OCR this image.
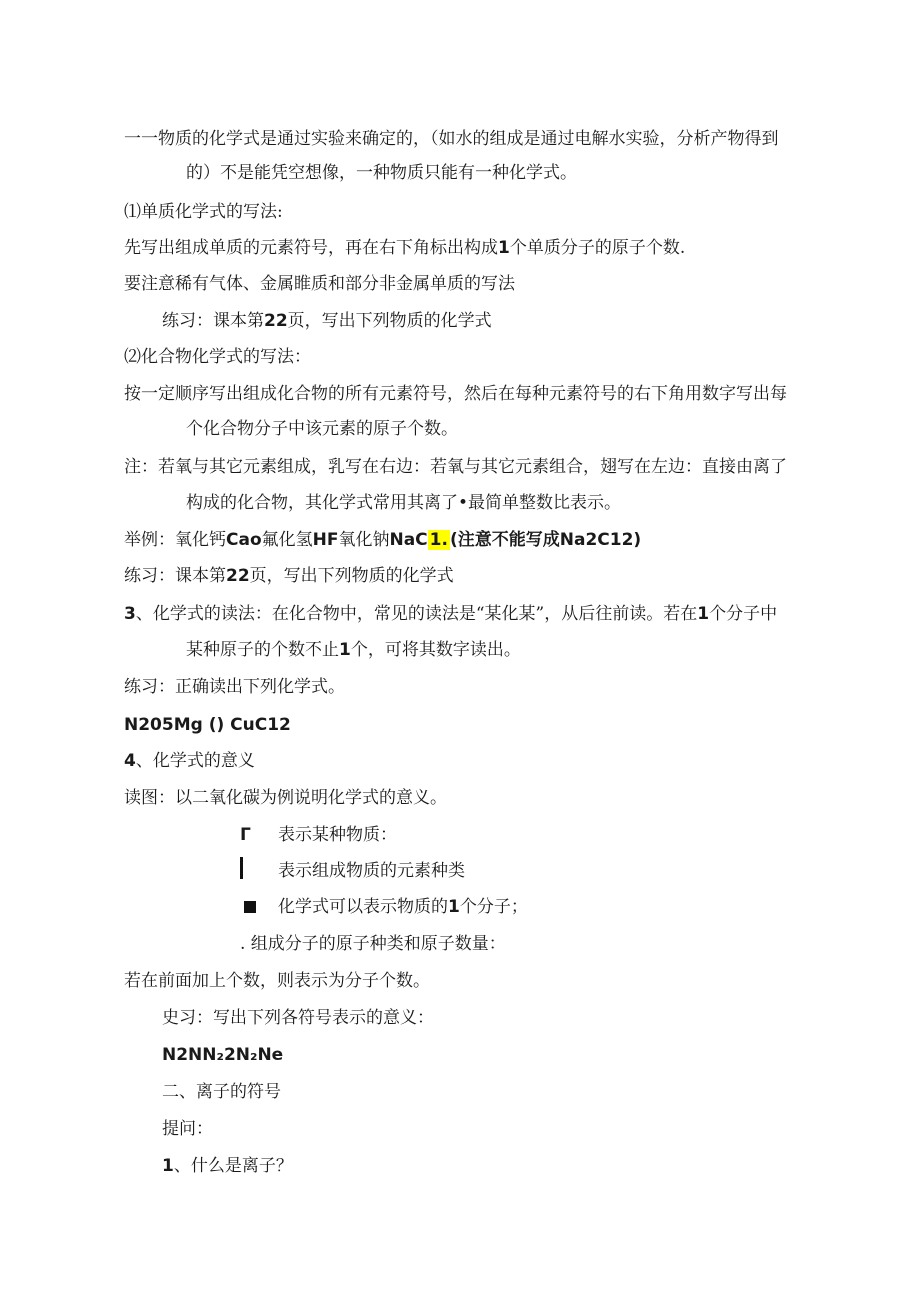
一一物质的化学式是通过实验来确定的，（如水的组成是通过电解水实验，分析产物得到
的）不是能凭空想像，一种物质只能有一种化学式。
⑴单质化学式的写法:
先写出组成单质的元素符号，再在右下角标出构成1个单质分子的原子个数.
要注意稀有气体、金属睢质和部分非金属单质的写法
练习：课本第22页，写出下列物质的化学式
⑵化合物化学式的写法：
按一定顺序写出组成化合物的所有元素符号，然后在每种元素符号的右下角用数字写出每
个化合物分子中该元素的原子个数。
注：若氧与其它元素组成，乳写在右边：若氧与其它元素组合，翅写在左边：直接由离了
构成的化合物，其化学式常用其离了•最简单整数比表示。
举例：氧化钙Cao氟化氢HF氧化钠NaC 1. (注意不能写成Na2C12)
练习：课本第22页，写出下列物质的化学式
3、化学式的读法：在化合物中，常见的读法是“某化某”，从后往前读。若在1个分子中
某种原子的个数不止1个，可将其数字读出。
练习：正确读出下列化学式。
N205Mg () CuC12
4、化学式的意义
读图：以二氧化碳为例说明化学式的意义。
Γ 表示某种物质：
表示组成物质的元素种类
化学式可以表示物质的1个分子；
. 组成分子的原子种类和原子数量：
若在前面加上个数，则表示为分子个数。
史习：写出下列各符号表示的意义：
N2NN₂2N₂Ne
二、离子的符号
提问：
1、什么是离子？
